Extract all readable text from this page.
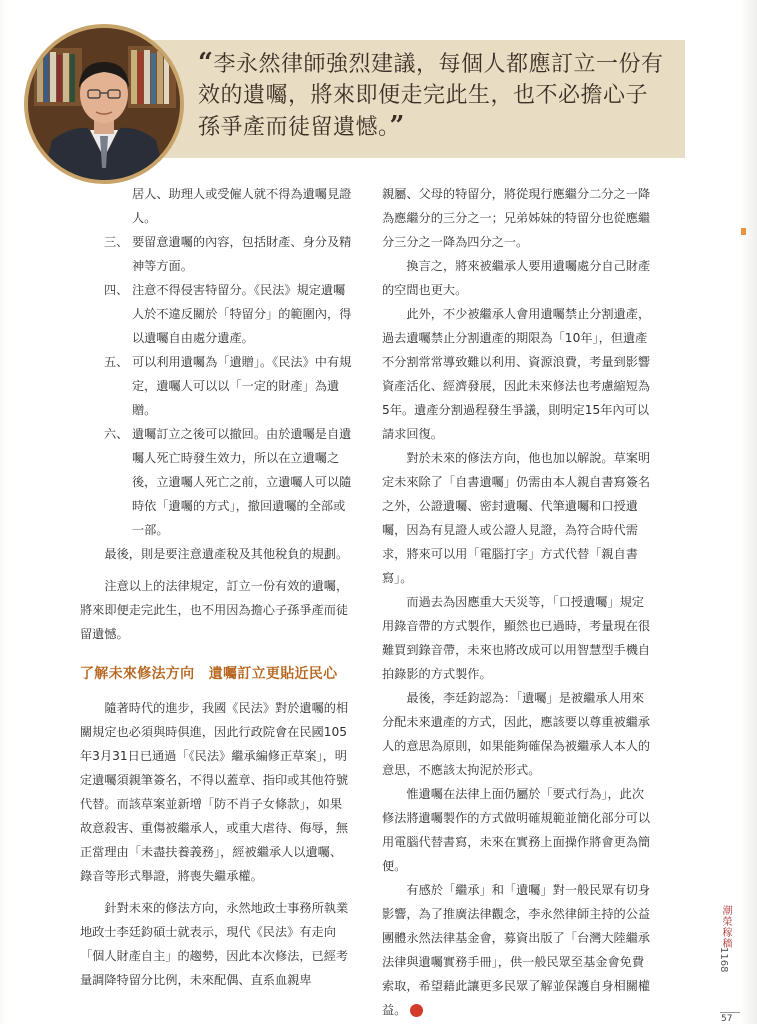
“李永然律師強烈建議，每個人都應訂立一份有效的遺囑，將來即便走完此生，也不必擔心子孫爭產而徒留遺憾。”
居人、助理人或受僱人就不得為遺囑見證人。
三、 要留意遺囑的內容，包括財產、身分及精神等方面。
四、 注意不得侵害特留分。《民法》規定遺囑人於不違反關於「特留分」的範圍內，得以遺囑自由處分遺產。
五、 可以利用遺囑為「遺贈」。《民法》中有規定，遺囑人可以以「一定的財產」為遺贈。
六、 遺囑訂立之後可以撤回。由於遺囑是自遺囑人死亡時發生效力，所以在立遺囑之後，立遺囑人死亡之前，立遺囑人可以隨時依「遺囑的方式」，撤回遺囑的全部或一部。

最後，則是要注意遺產稅及其他稅負的規劃。

注意以上的法律規定，訂立一份有效的遺囑，將來即便走完此生，也不用因為擔心子孫爭產而徒留遺憾。

了解未來修法方向　遺囑訂立更貼近民心

隨著時代的進步，我國《民法》對於遺囑的相關規定也必須與時俱進，因此行政院會在民國105年3月31日已通過「《民法》繼承編修正草案」，明定遺囑須親筆簽名，不得以蓋章、指印或其他符號代替。而該草案並新增「防不肖子女條款」，如果故意殺害、重傷被繼承人，或重大虐待、侮辱，無正當理由「未盡扶養義務」，經被繼承人以遺囑、錄音等形式舉證，將喪失繼承權。

針對未來的修法方向，永然地政士事務所執業地政士李廷鈞碩士就表示，現代《民法》有走向「個人財產自主」的趨勢，因此本次修法，已經考量調降特留分比例，未來配偶、直系血親卑

親屬、父母的特留分，將從現行應繼分二分之一降為應繼分的三分之一；兄弟姊妹的特留分也從應繼分三分之一降為四分之一。

換言之，將來被繼承人要用遺囑處分自己財產的空間也更大。

此外，不少被繼承人會用遺囑禁止分割遺產，過去遺囑禁止分割遺產的期限為「10年」，但遺產不分割常常導致難以利用、資源浪費，考量到影響資產活化、經濟發展，因此未來修法也考慮縮短為5年。遺產分割過程發生爭議，則明定15年內可以請求回復。

對於未來的修法方向，他也加以解說。草案明定未來除了「自書遺囑」仍需由本人親自書寫簽名之外，公證遺囑、密封遺囑、代筆遺囑和口授遺囑，因為有見證人或公證人見證，為符合時代需求，將來可以用「電腦打字」方式代替「親自書寫」。

而過去為因應重大天災等，「口授遺囑」規定用錄音帶的方式製作，顯然也已過時，考量現在很難買到錄音帶，未來也將改成可以用智慧型手機自拍錄影的方式製作。

最後，李廷鈞認為：「遺囑」是被繼承人用來分配未來遺產的方式，因此，應該要以尊重被繼承人的意思為原則，如果能夠確保為被繼承人本人的意思，不應該太拘泥於形式。

惟遺囑在法律上面仍屬於「要式行為」，此次修法將遺囑製作的方式做明確規範並簡化部分可以用電腦代替書寫，未來在實務上面操作將會更為簡便。

有感於「繼承」和「遺囑」對一般民眾有切身影響，為了推廣法律觀念，李永然律師主持的公益團體永然法律基金會，募資出版了「台灣大陸繼承法律與遺囑實務手冊」，供一般民眾至基金會免費索取，希望藉此讓更多民眾了解並保護自身相關權益。	S

潮榮稼穡
1168
57
